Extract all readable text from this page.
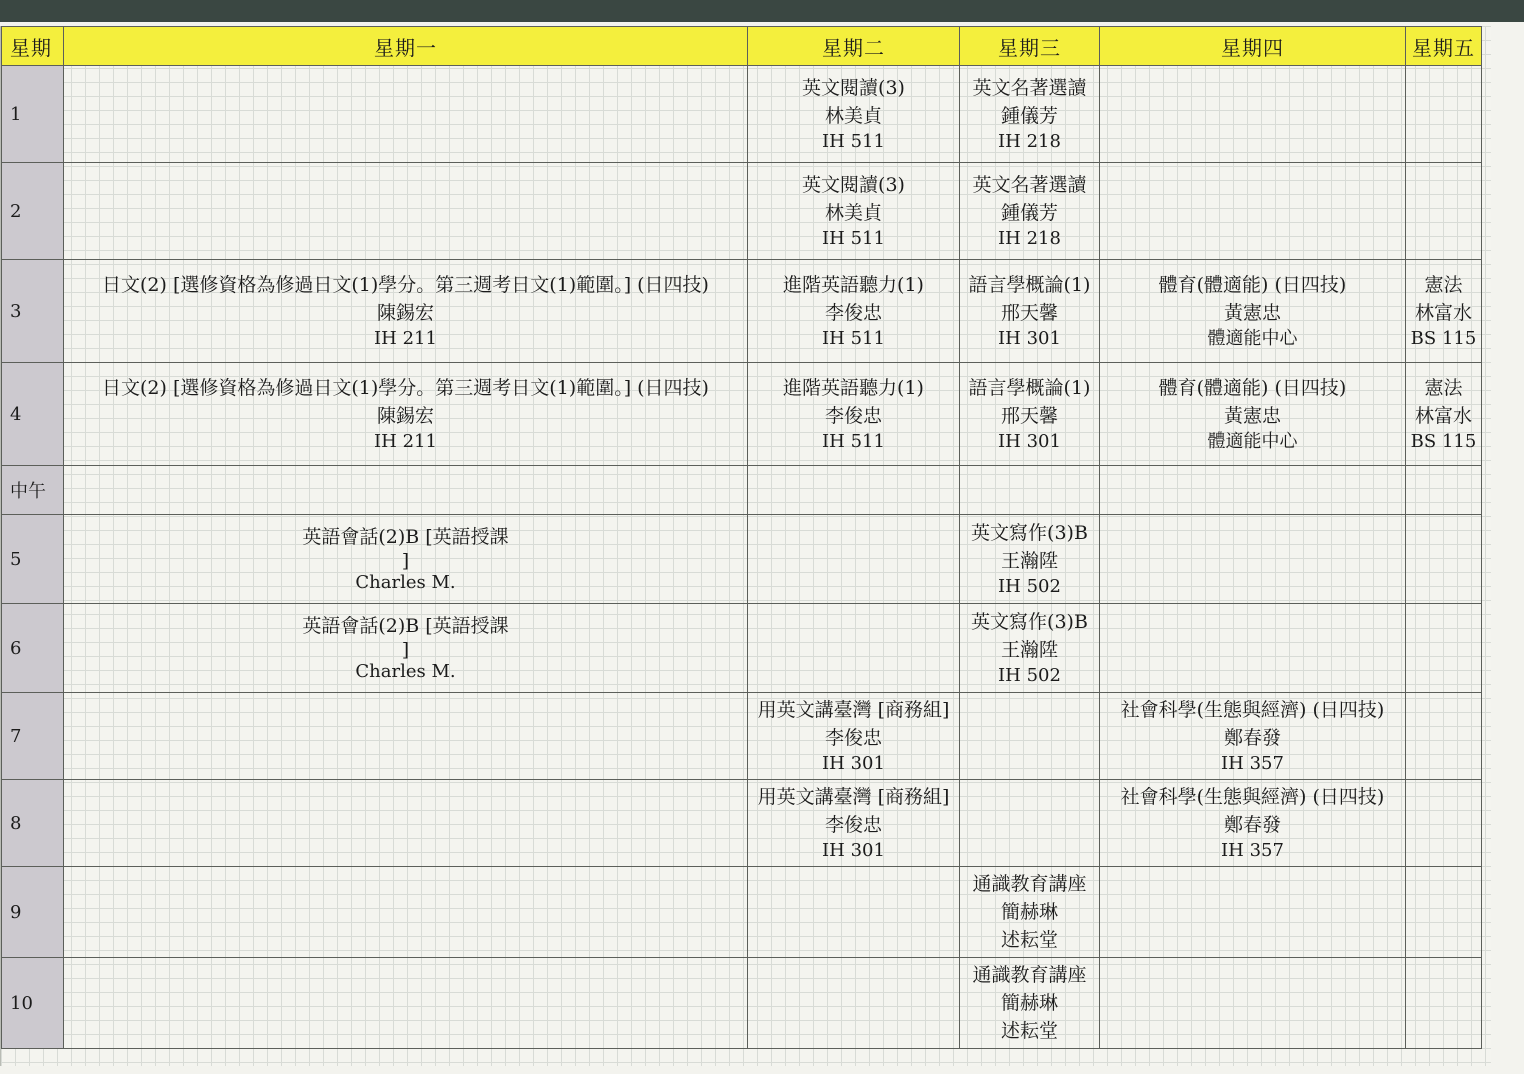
星期	星期一	星期二	星期三	星期四	星期五
1		英文閱讀(3)
林美貞
IH 511	英文名著選讀
鍾儀芳
IH 218		

2		英文閱讀(3)
林美貞
IH 511	英文名著選讀
鍾儀芳
IH 218		

3	日文(2) [選修資格為修過日文(1)學分。第三週考日文(1)範圍。] (日四技)
陳錫宏
IH 211	進階英語聽力(1)
李俊忠
IH 511	語言學概論(1)
邢天馨
IH 301	體育(體適能) (日四技)
黃憲忠
體適能中心	憲法
林富水
BS 115

4	日文(2) [選修資格為修過日文(1)學分。第三週考日文(1)範圍。] (日四技)
陳錫宏
IH 211	進階英語聽力(1)
李俊忠
IH 511	語言學概論(1)
邢天馨
IH 301	體育(體適能) (日四技)
黃憲忠
體適能中心	憲法
林富水
BS 115

中午					
5	英語會話(2)B [英語授課
]
Charles M.		英文寫作(3)B
王瀚陞
IH 502		

6	英語會話(2)B [英語授課
]
Charles M.		英文寫作(3)B
王瀚陞
IH 502		

7		用英文講臺灣 [商務組]
李俊忠
IH 301		社會科學(生態與經濟) (日四技)
鄭春發
IH 357	

8		用英文講臺灣 [商務組]
李俊忠
IH 301		社會科學(生態與經濟) (日四技)
鄭春發
IH 357	

9			通識教育講座
簡赫琳
述耘堂		

10			通識教育講座
簡赫琳
述耘堂		
